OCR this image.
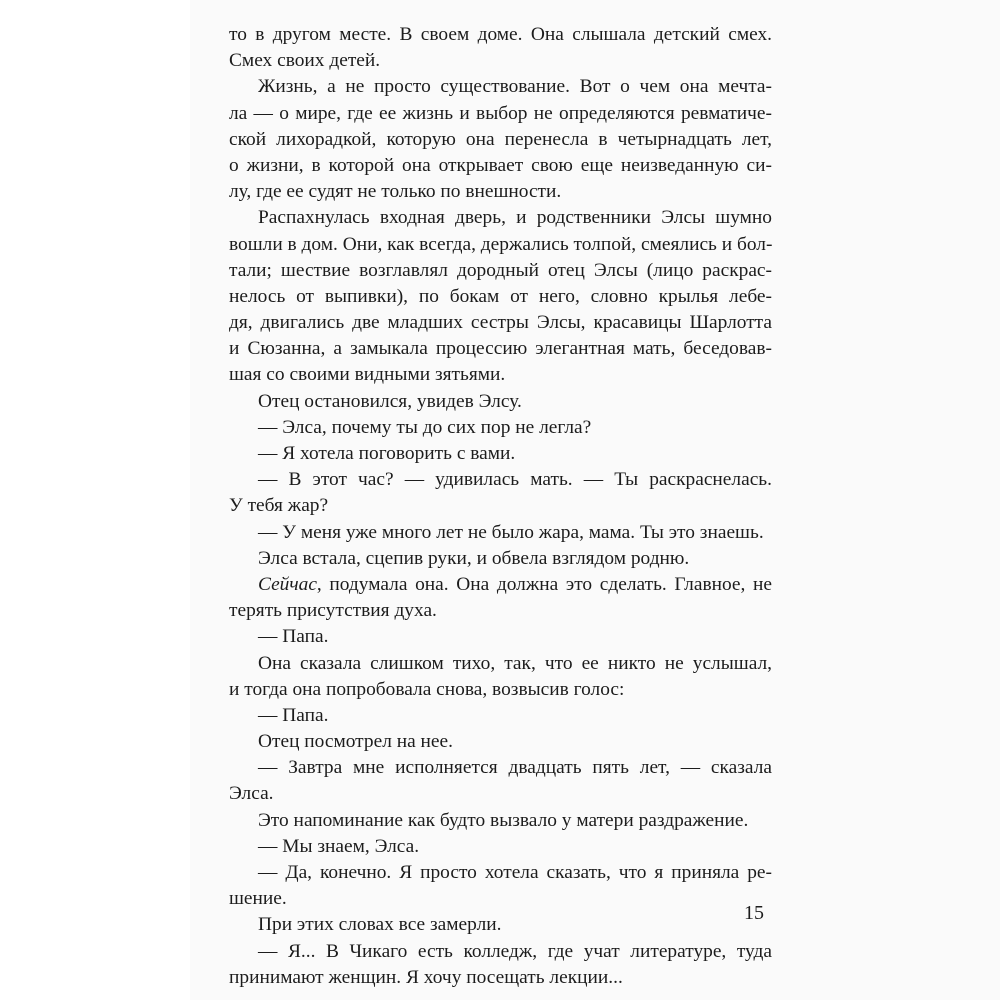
то в другом месте. В своем доме. Она слышала детский смех.
Смех своих детей.
Жизнь, а не просто существование. Вот о чем она мечта-
ла — о мире, где ее жизнь и выбор не определяются ревматиче-
ской лихорадкой, которую она перенесла в четырнадцать лет,
о жизни, в которой она открывает свою еще неизведанную си-
лу, где ее судят не только по внешности.
Распахнулась входная дверь, и родственники Элсы шумно
вошли в дом. Они, как всегда, держались толпой, смеялись и бол-
тали; шествие возглавлял дородный отец Элсы (лицо раскрас-
нелось от выпивки), по бокам от него, словно крылья лебе-
дя, двигались две младших сестры Элсы, красавицы Шарлотта
и Сюзанна, а замыкала процессию элегантная мать, беседовав-
шая со своими видными зятьями.
Отец остановился, увидев Элсу.
— Элса, почему ты до сих пор не легла?
— Я хотела поговорить с вами.
— В этот час? — удивилась мать. — Ты раскраснелась.
У тебя жар?
— У меня уже много лет не было жара, мама. Ты это знаешь.
Элса встала, сцепив руки, и обвела взглядом родню.
Сейчас, подумала она. Она должна это сделать. Главное, не
терять присутствия духа.
— Папа.
Она сказала слишком тихо, так, что ее никто не услышал,
и тогда она попробовала снова, возвысив голос:
— Папа.
Отец посмотрел на нее.
— Завтра мне исполняется двадцать пять лет, — сказала
Элса.
Это напоминание как будто вызвало у матери раздражение.
— Мы знаем, Элса.
— Да, конечно. Я просто хотела сказать, что я приняла ре-
шение.
При этих словах все замерли.
— Я... В Чикаго есть колледж, где учат литературе, туда
принимают женщин. Я хочу посещать лекции...
15
